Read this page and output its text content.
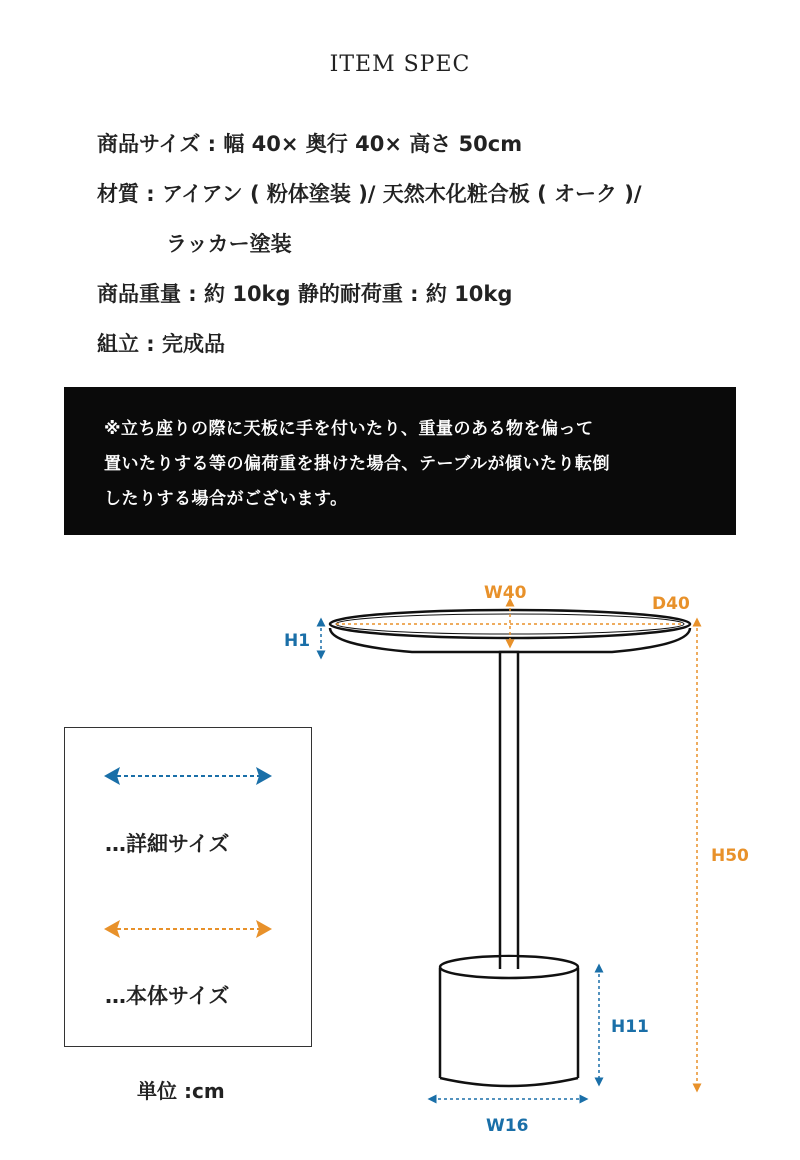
ITEM SPEC
商品サイズ : 幅 40× 奥行 40× 高さ 50cm
材質 : アイアン ( 粉体塗装 )/ 天然木化粧合板 ( オーク )/
ラッカー塗装
商品重量 : 約 10kg 静的耐荷重 : 約 10kg
組立 : 完成品
※立ち座りの際に天板に手を付いたり、重量のある物を偏って
置いたりする等の偏荷重を掛けた場合、テーブルが傾いたり転倒
したりする場合がございます。
…詳細サイズ
…本体サイズ
単位 :cm
W40
D40
H1
H50
H11
W16
